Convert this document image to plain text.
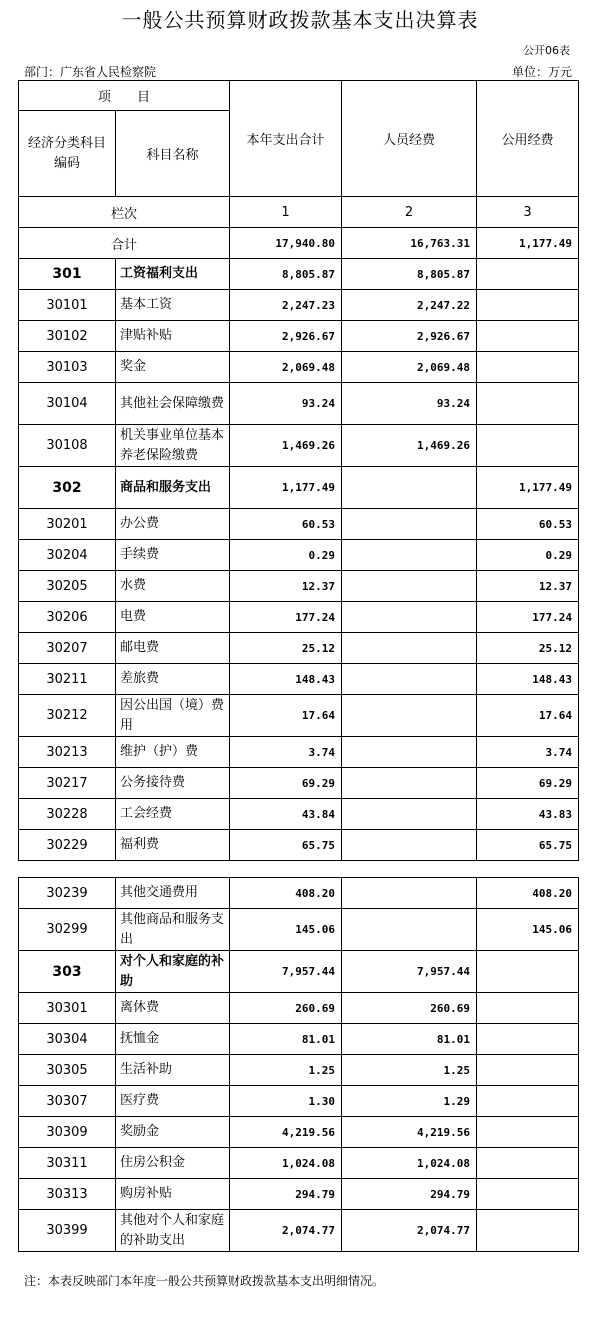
一般公共预算财政拨款基本支出决算表
公开06表
部门：广东省人民检察院	单位：万元
项　　目		本年支出合计	人员经费	公用经费
经济分类科目编码	科目名称			
栏次		1	2	3
合计		17,940.80	16,763.31	1,177.49
301	工资福利支出	8,805.87	8,805.87	
30101	基本工资	2,247.23	2,247.22	
30102	津贴补贴	2,926.67	2,926.67	
30103	奖金	2,069.48	2,069.48	
30104	其他社会保障缴费	93.24	93.24	
30108	机关事业单位基本养老保险缴费	1,469.26	1,469.26	
302	商品和服务支出	1,177.49		1,177.49
30201	办公费	60.53		60.53
30204	手续费	0.29		0.29
30205	水费	12.37		12.37
30206	电费	177.24		177.24
30207	邮电费	25.12		25.12
30211	差旅费	148.43		148.43
30212	因公出国（境）费用	17.64		17.64
30213	维护（护）费	3.74		3.74
30217	公务接待费	69.29		69.29
30228	工会经费	43.84		43.83
30229	福利费	65.75		65.75
30239	其他交通费用	408.20		408.20
30299	其他商品和服务支出	145.06		145.06
303	对个人和家庭的补助	7,957.44	7,957.44	
30301	离休费	260.69	260.69	
30304	抚恤金	81.01	81.01	
30305	生活补助	1.25	1.25	
30307	医疗费	1.30	1.29	
30309	奖励金	4,219.56	4,219.56	
30311	住房公积金	1,024.08	1,024.08	
30313	购房补贴	294.79	294.79	
30399	其他对个人和家庭的补助支出	2,074.77	2,074.77	
注：本表反映部门本年度一般公共预算财政拨款基本支出明细情况。
